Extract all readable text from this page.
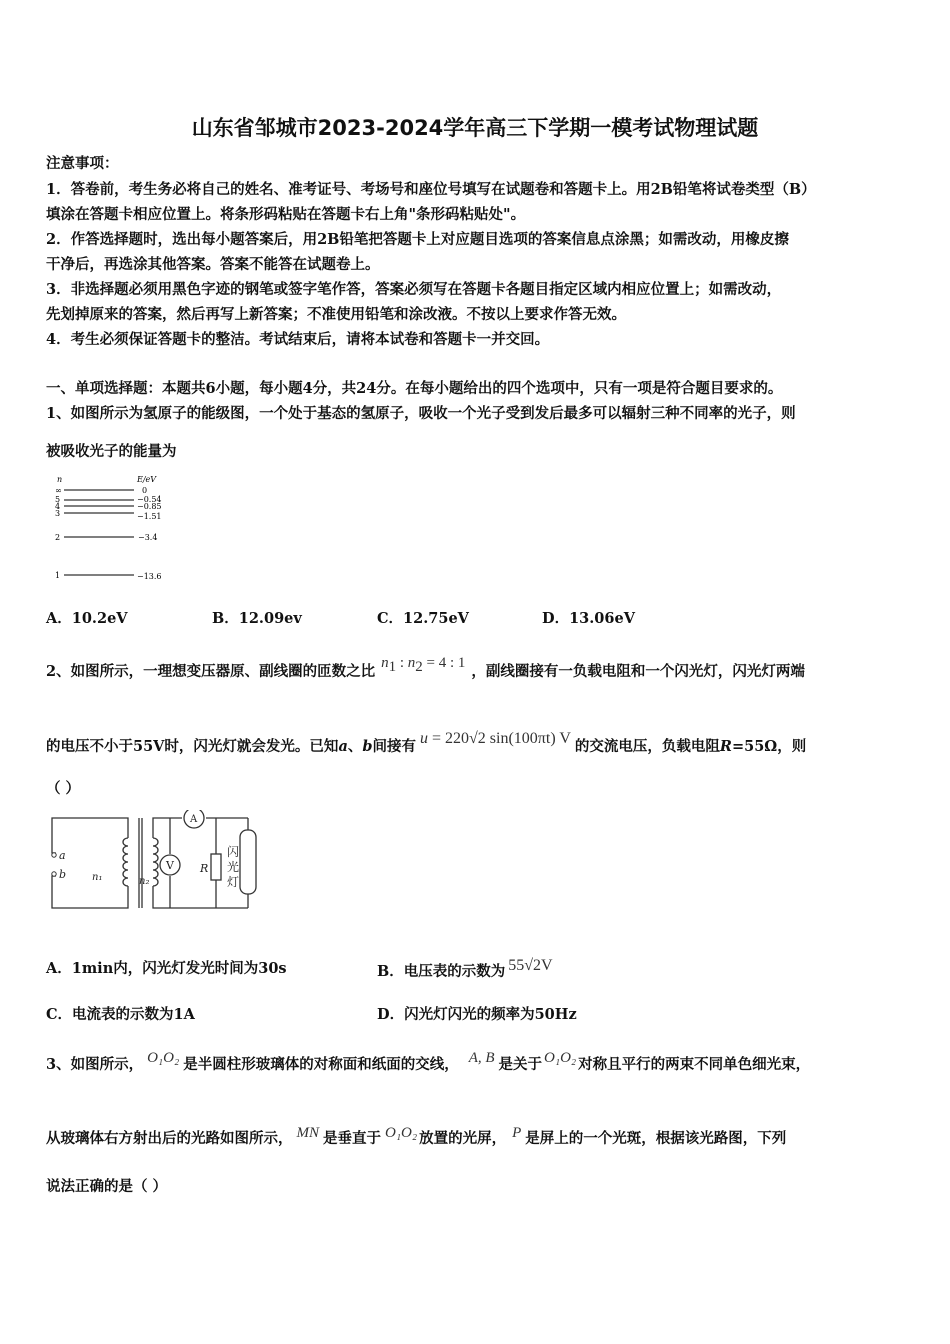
山东省邹城市2023-2024学年高三下学期一模考试物理试题
注意事项：
1．答卷前，考生务必将自己的姓名、准考证号、考场号和座位号填写在试题卷和答题卡上。用2B铅笔将试卷类型（B）
填涂在答题卡相应位置上。将条形码粘贴在答题卡右上角"条形码粘贴处"。
2．作答选择题时，选出每小题答案后，用2B铅笔把答题卡上对应题目选项的答案信息点涂黑；如需改动，用橡皮擦
干净后，再选涂其他答案。答案不能答在试题卷上。
3．非选择题必须用黑色字迹的钢笔或签字笔作答，答案必须写在答题卡各题目指定区域内相应位置上；如需改动，
先划掉原来的答案，然后再写上新答案；不准使用铅笔和涂改液。不按以上要求作答无效。
4．考生必须保证答题卡的整洁。考试结束后，请将本试卷和答题卡一并交回。
一、单项选择题：本题共6小题，每小题4分，共24分。在每小题给出的四个选项中，只有一项是符合题目要求的。
1、如图所示为氢原子的能级图，一个处于基态的氢原子，吸收一个光子受到发后最多可以辐射三种不同率的光子，则
被吸收光子的能量为
n	E/eV
∞
5
4
3
2
1
0
−0.54
−0.85
−1.51
−3.4
−13.6
A．10.2eV	B．12.09ev	C．12.75eV	D．13.06eV
2、如图所示，一理想变压器原、副线圈的匝数之比 $n_1$ : $n_2 = 4$ : 1 ，副线圈接有一负载电阻和一个闪光灯，闪光灯两端
的电压不小于55V时，闪光灯就会发光。已知a、b间接有 u = 220√2 sin(100πt) V 的交流电压，负载电阻R=55Ω，则
（ ）
a
b	n₁	n₂
V
A
R
闪
光
灯
A．1min内，闪光灯发光时间为30s	B．电压表的示数为 55√2V
C．电流表的示数为1A	D．闪光灯闪光的频率为50Hz
3、如图所示， O₁O₂ 是半圆柱形玻璃体的对称面和纸面的交线， A, B 是关于 O₁O₂ 对称且平行的两束不同单色细光束，
从玻璃体右方射出后的光路如图所示， MN 是垂直于 O₁O₂ 放置的光屏， P 是屏上的一个光斑，根据该光路图，下列
说法正确的是（ ）
